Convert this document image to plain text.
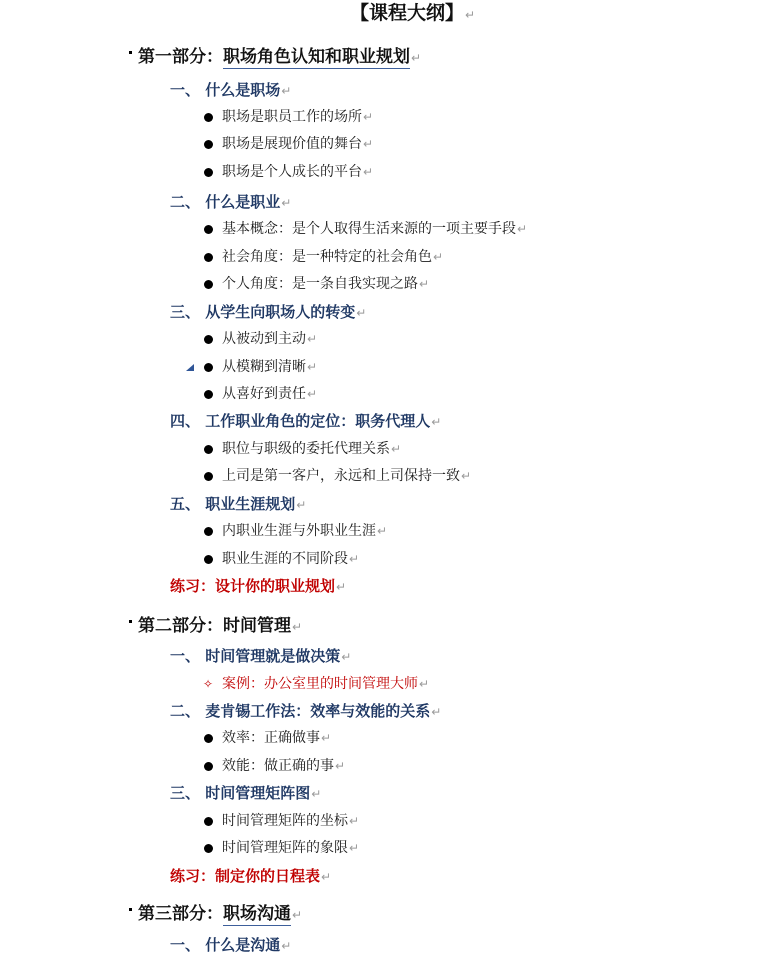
【课程大纲】↵
第一部分：职场角色认知和职业规划↵
一、 什么是职场↵
职场是职员工作的场所↵
职场是展现价值的舞台↵
职场是个人成长的平台↵
二、 什么是职业↵
基本概念：是个人取得生活来源的一项主要手段↵
社会角度：是一种特定的社会角色↵
个人角度：是一条自我实现之路↵
三、 从学生向职场人的转变↵
从被动到主动↵
从模糊到清晰↵
从喜好到责任↵
四、 工作职业角色的定位：职务代理人↵
职位与职级的委托代理关系↵
上司是第一客户，永远和上司保持一致↵
五、 职业生涯规划↵
内职业生涯与外职业生涯↵
职业生涯的不同阶段↵
练习：设计你的职业规划↵
第二部分：时间管理↵
一、 时间管理就是做决策↵
✧ 案例：办公室里的时间管理大师↵
二、 麦肯锡工作法：效率与效能的关系↵
效率：正确做事↵
效能：做正确的事↵
三、 时间管理矩阵图↵
时间管理矩阵的坐标↵
时间管理矩阵的象限↵
练习：制定你的日程表↵
第三部分：职场沟通↵
一、 什么是沟通↵
